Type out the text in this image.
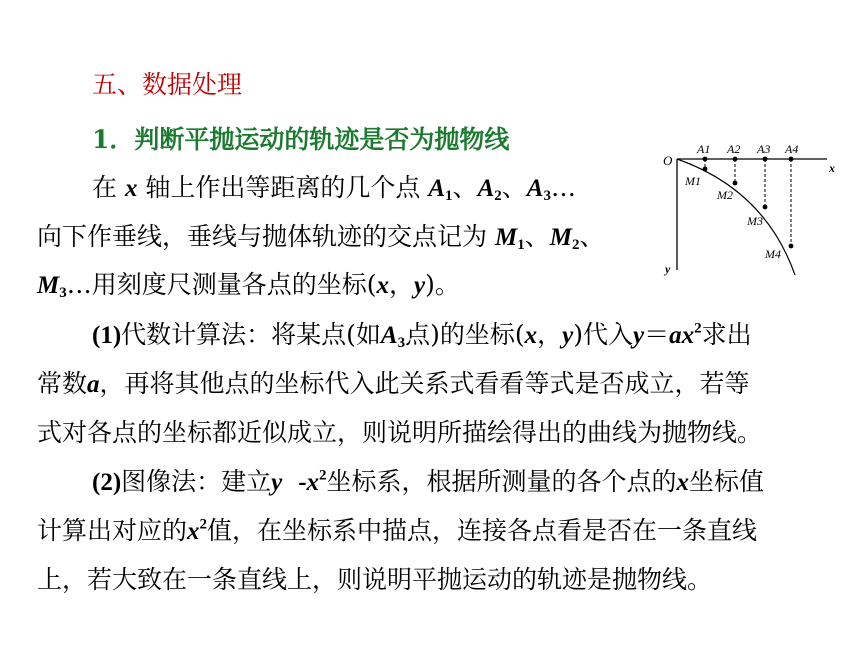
五、数据处理
1．判断平抛运动的轨迹是否为抛物线
在 x 轴上作出等距离的几个点 $A_1$、$A_2$、$A_3\dots$
向下作垂线，垂线与抛体轨迹的交点记为 $M_1$、$M_2$、
$M_3\dots$用刻度尺测量各点的坐标(x，y)。
O	x
y
A1 A2 A3 A4
M1
M2
M3
M4
(1)代数计算法：将某点(如$A_3$点)的坐标(x，y)代入$y=ax^2$求出
常数a，再将其他点的坐标代入此关系式看看等式是否成立，若等
式对各点的坐标都近似成立，则说明所描绘得出的曲线为抛物线。
(2)图像法：建立y $-x^2$坐标系，根据所测量的各个点的x坐标值
计算出对应的$x^2$值，在坐标系中描点，连接各点看是否在一条直线
上，若大致在一条直线上，则说明平抛运动的轨迹是抛物线。
